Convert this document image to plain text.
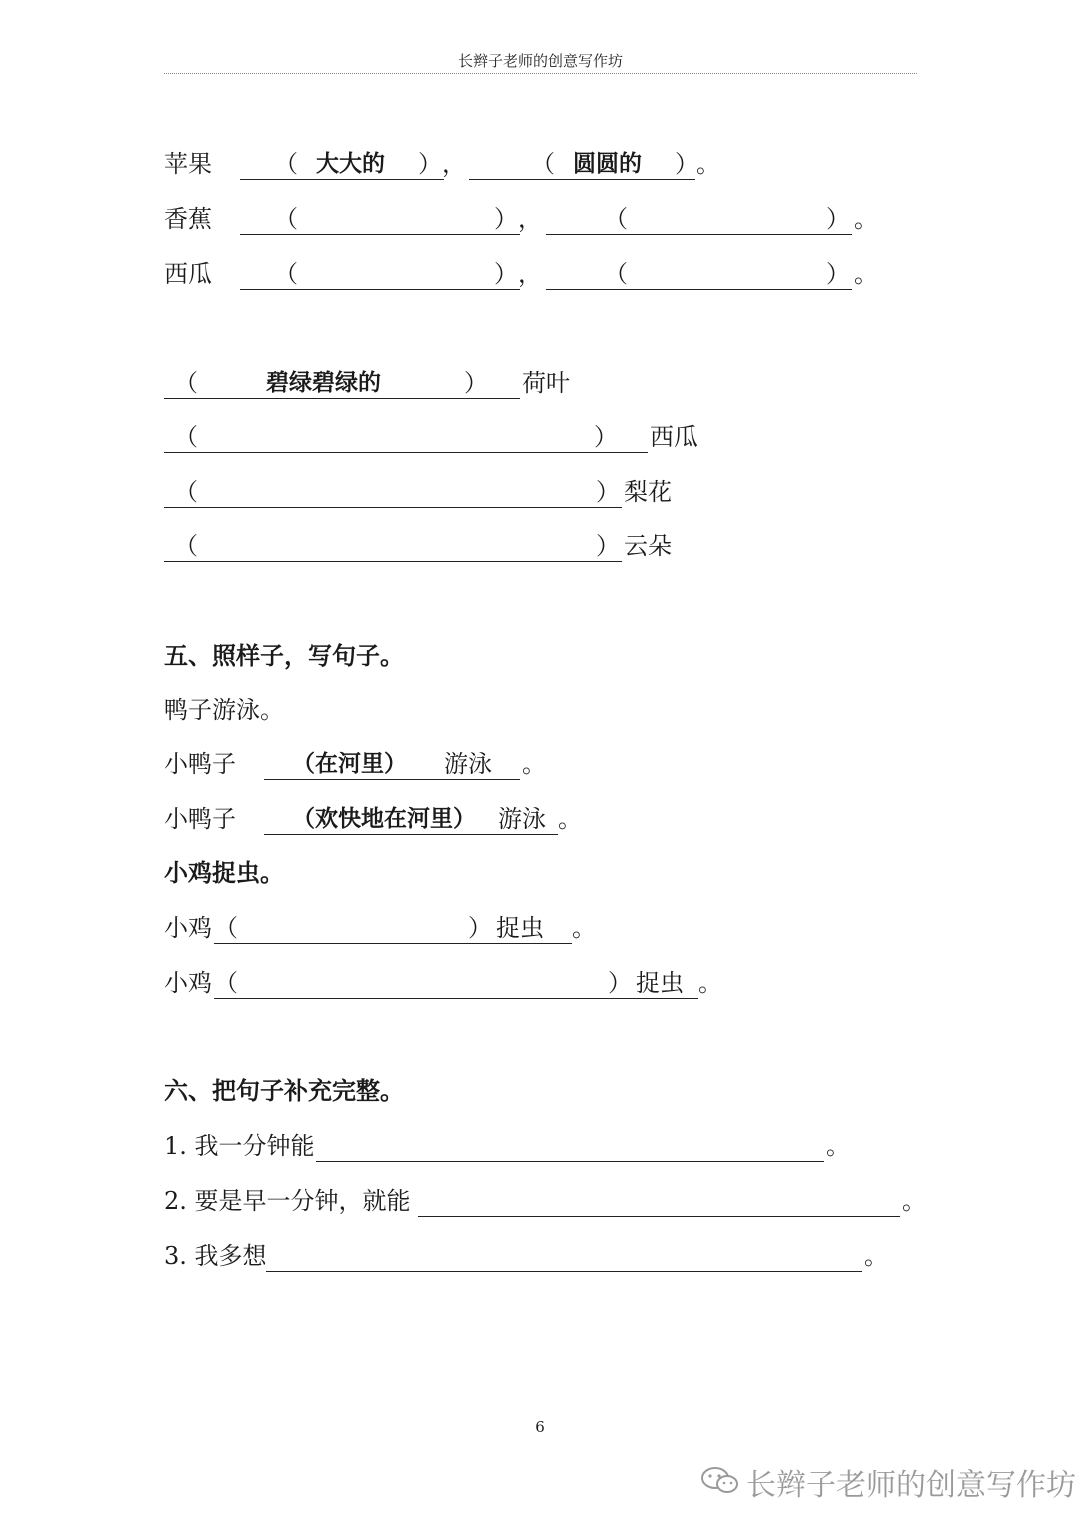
长辫子老师的创意写作坊
苹果	（ 大大的 ） ，	（ 圆圆的 ）
。
香蕉	（	） ，	（	） 。
西瓜	（	） ，	（	） 。
（	碧绿碧绿的	） 荷叶
（	） 西瓜
（	） 梨花
（	） 云朵
五、照样子，写句子。
鸭子游泳。
小鸭子 （在河里） 游泳 。
小鸭子 （欢快地在河里） 游泳 。
小鸡捉虫。
小鸡 （	） 捉虫 。
小鸡 （	） 捉虫 。
六、把句子补充完整。
1. 我一分钟能	。
2. 要是早一分钟，就能	。
3. 我多想	。
6
长辫子老师的创意写作坊
